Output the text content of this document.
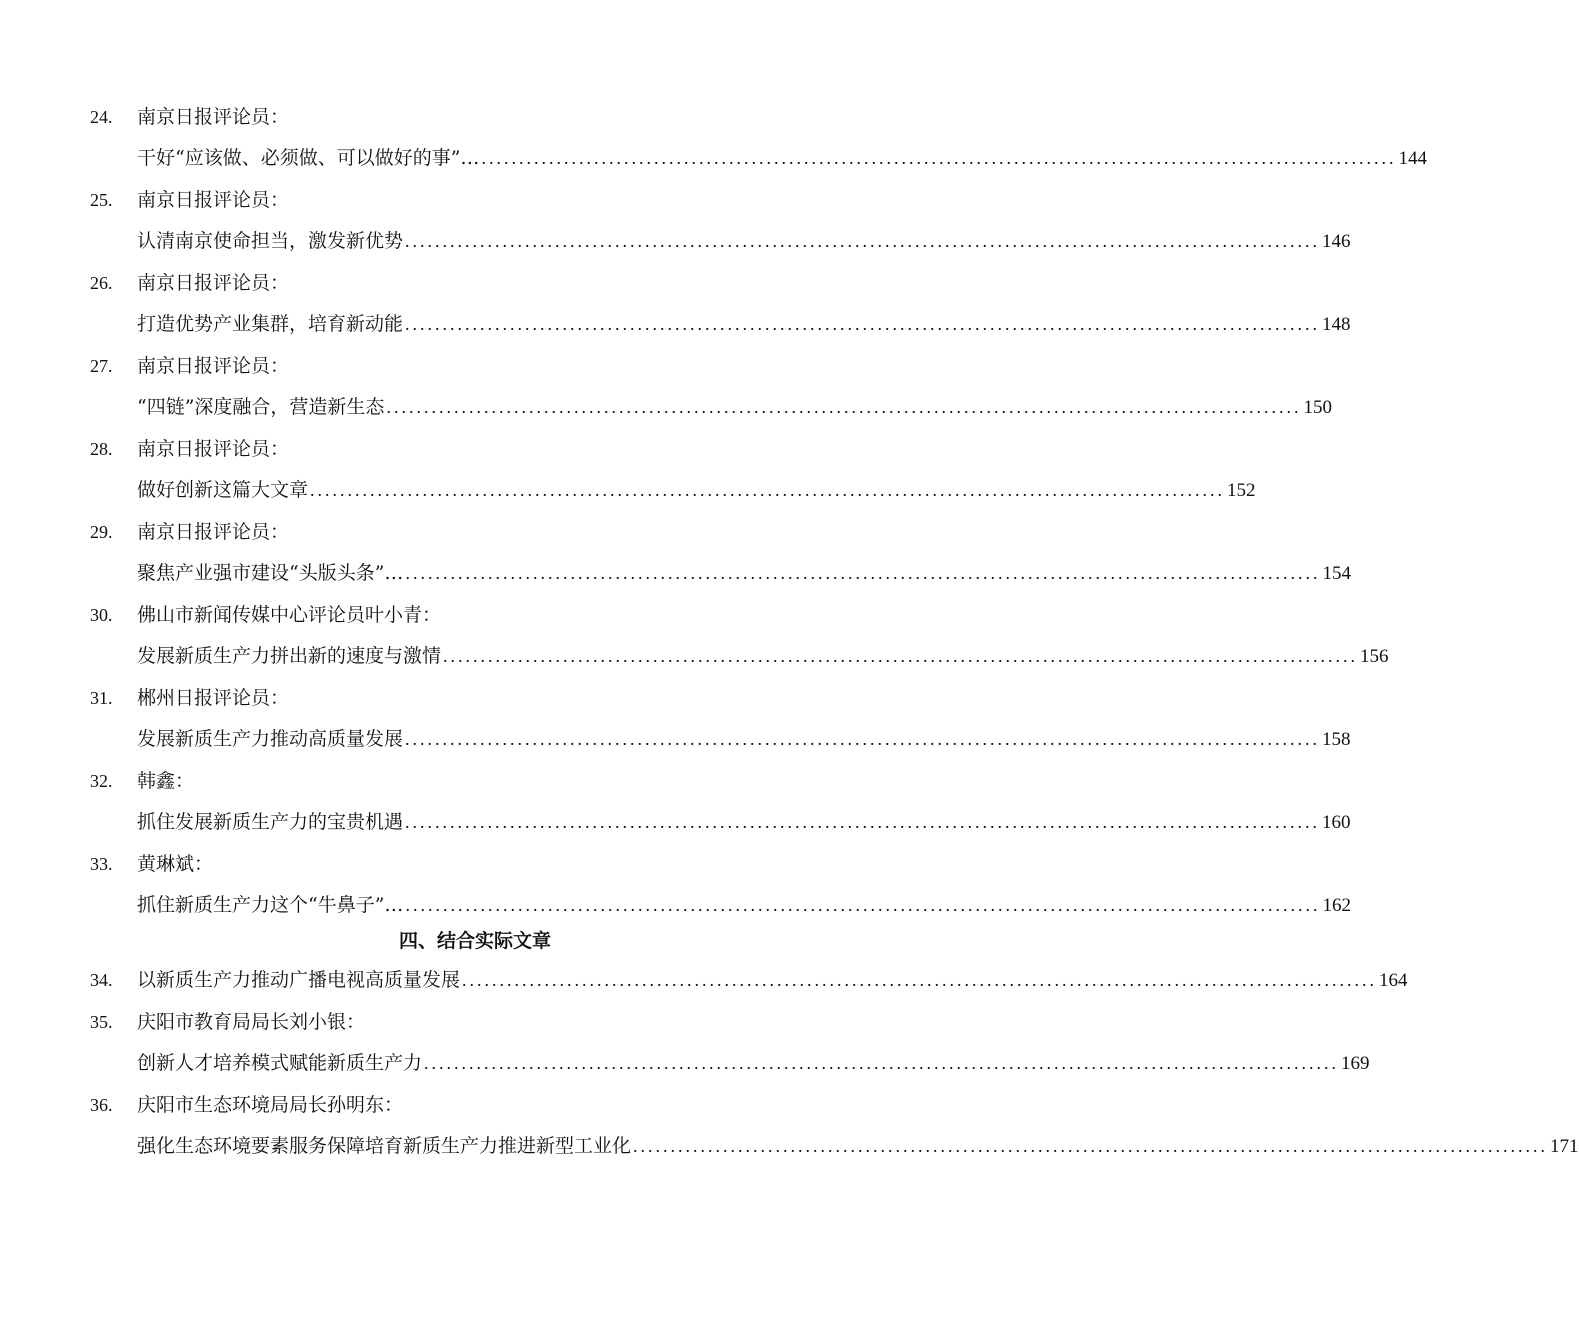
24.	南京日报评论员：
干好“应该做、必须做、可以做好的事”… .......................................................................................................................... 144
25.	南京日报评论员：
认清南京使命担当，激发新优势 .......................................................................................................................... 146
26.	南京日报评论员：
打造优势产业集群，培育新动能 .......................................................................................................................... 148
27.	南京日报评论员：
“四链”深度融合，营造新生态 .......................................................................................................................... 150
28.	南京日报评论员：
做好创新这篇大文章 .......................................................................................................................... 152
29.	南京日报评论员：
聚焦产业强市建设“头版头条”… .......................................................................................................................... 154
30.	佛山市新闻传媒中心评论员叶小青：
发展新质生产力拼出新的速度与激情 .......................................................................................................................... 156
31.	郴州日报评论员：
发展新质生产力推动高质量发展 .......................................................................................................................... 158
32.	韩鑫：
抓住发展新质生产力的宝贵机遇 .......................................................................................................................... 160
33.	黄琳斌：
抓住新质生产力这个“牛鼻子”… .......................................................................................................................... 162
四、结合实际文章
34.	以新质生产力推动广播电视高质量发展 .......................................................................................................................... 164
35.	庆阳市教育局局长刘小银：
创新人才培养模式赋能新质生产力 .......................................................................................................................... 169
36.	庆阳市生态环境局局长孙明东：
强化生态环境要素服务保障培育新质生产力推进新型工业化 .......................................................................................................................... 171
